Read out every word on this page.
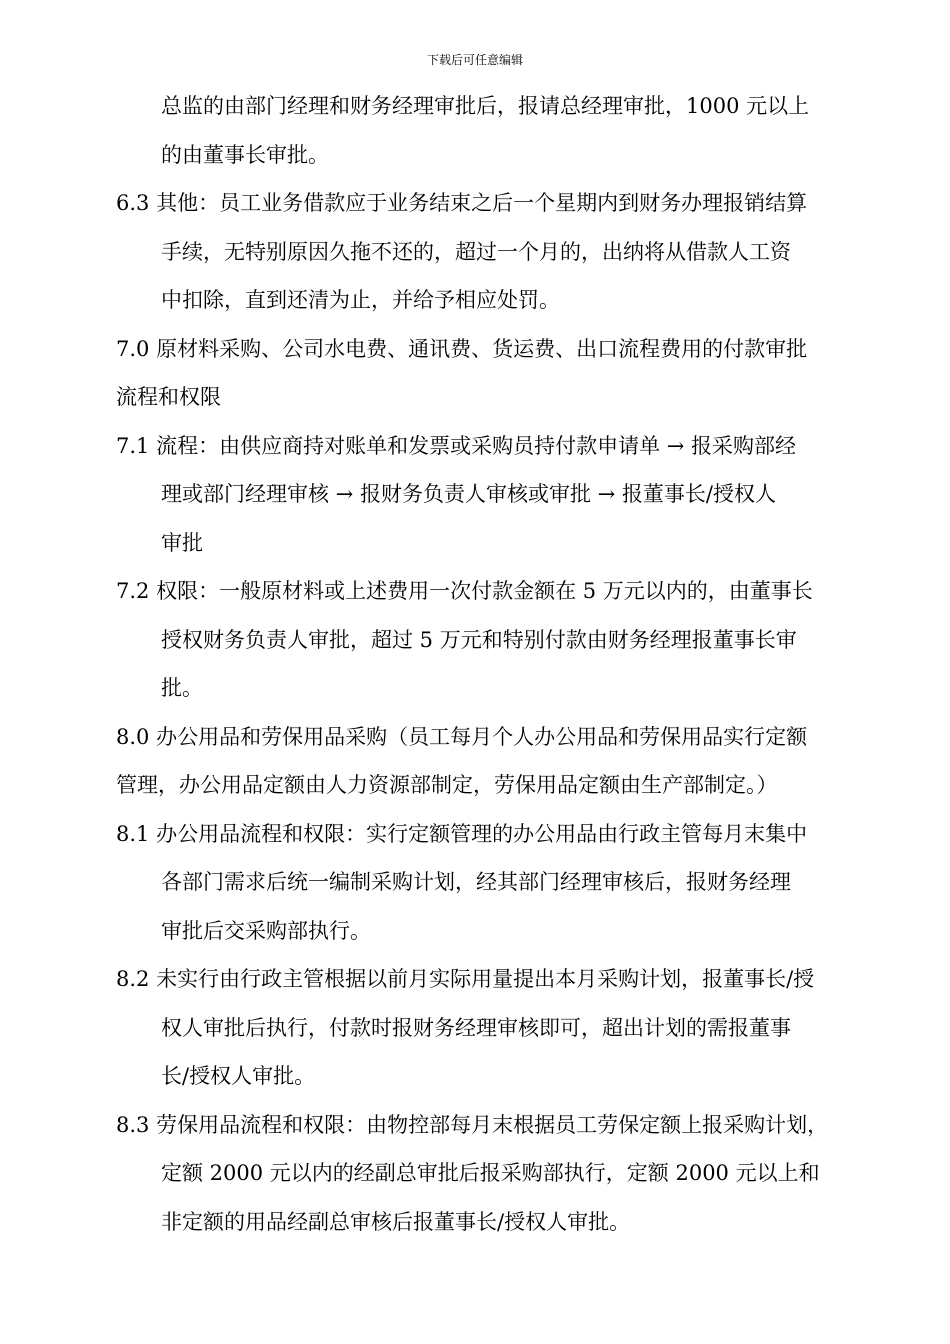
下载后可任意编辑
总监的由部门经理和财务经理审批后，报请总经理审批，1000 元以上
的由董事长审批。
6.3 其他：员工业务借款应于业务结束之后一个星期内到财务办理报销结算
手续，无特别原因久拖不还的，超过一个月的，出纳将从借款人工资
中扣除，直到还清为止，并给予相应处罚。
7.0 原材料采购、公司水电费、通讯费、货运费、出口流程费用的付款审批
流程和权限
7.1 流程：由供应商持对账单和发票或采购员持付款申请单 → 报采购部经
理或部门经理审核 → 报财务负责人审核或审批 → 报董事长/授权人
审批
7.2 权限：一般原材料或上述费用一次付款金额在 5 万元以内的，由董事长
授权财务负责人审批，超过 5 万元和特别付款由财务经理报董事长审
批。
8.0 办公用品和劳保用品采购（员工每月个人办公用品和劳保用品实行定额
管理，办公用品定额由人力资源部制定，劳保用品定额由生产部制定。）
8.1 办公用品流程和权限：实行定额管理的办公用品由行政主管每月末集中
各部门需求后统一编制采购计划，经其部门经理审核后，报财务经理
审批后交采购部执行。
8.2 未实行由行政主管根据以前月实际用量提出本月采购计划，报董事长/授
权人审批后执行，付款时报财务经理审核即可，超出计划的需报董事
长/授权人审批。
8.3 劳保用品流程和权限：由物控部每月末根据员工劳保定额上报采购计划，
定额 2000 元以内的经副总审批后报采购部执行，定额 2000 元以上和
非定额的用品经副总审核后报董事长/授权人审批。
